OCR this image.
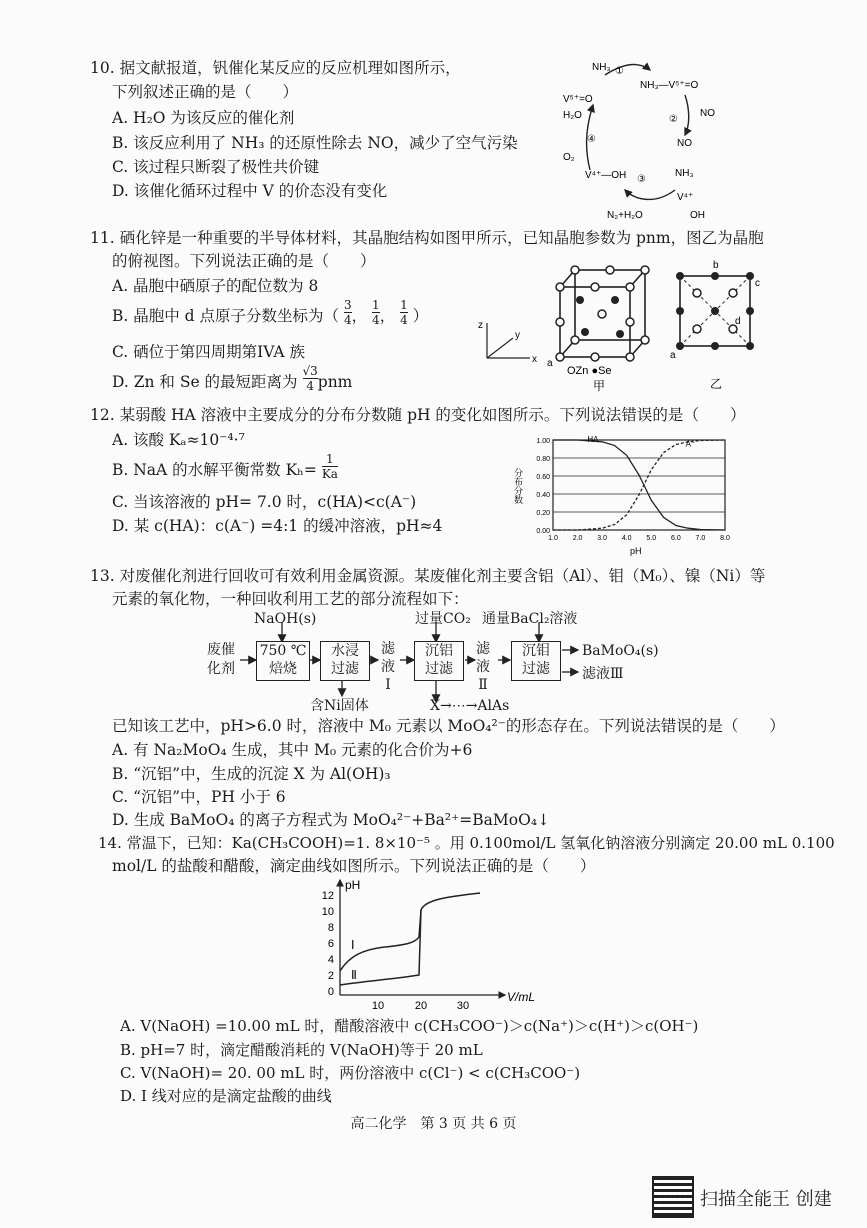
10. 据文献报道，钒催化某反应的反应机理如图所示，
下列叙述正确的是（　　）
A. H₂O 为该反应的催化剂
B. 该反应利用了 NH₃ 的还原性除去 NO，减少了空气污染
C. 该过程只断裂了极性共价键
D. 该催化循环过程中 V 的价态没有变化
NH₃ ①
V⁵⁺=O
NH₃—V⁵⁺=O
②
NO
NO
NH₃
V⁴⁺
OH
V⁴⁺—OH
H₂O
④
O₂
③
N₂+H₂O
11. 硒化锌是一种重要的半导体材料，其晶胞结构如图甲所示，已知晶胞参数为 pnm，图乙为晶胞
的俯视图。下列说法正确的是（　　）
A. 晶胞中硒原子的配位数为 8
B. 晶胞中 d 点原子分数坐标为（ $\frac{3}{4}$ ， $\frac{1}{4}$ ， $\frac{1}{4}$ ）
C. 硒位于第四周期第IVA 族
D. Zn 和 Se 的最短距离为 $\frac{√3}{4}$ pnm
z
y
x a
OZn ●Se
甲
b
c
d
a
乙
12. 某弱酸 HA 溶液中主要成分的分布分数随 pH 的变化如图所示。下列说法错误的是（　　）
A. 该酸 Kₐ≈10⁻⁴·⁷
B. NaA 的水解平衡常数 $K_h= \frac{1}{Ka}$
C. 当该溶液的 pH= 7.0 时，c(HA)<c(A⁻)
D. 某 c(HA)：c(A⁻) =4:1 的缓冲溶液，pH≈4
分布分数
pH
0.00
0.20
0.40
0.60
0.80
1.00
1.0 2.0 3.0 4.0 5.0 6.0 7.0 8.0
HA	A⁻
13. 对废催化剂进行回收可有效利用金属资源。某废催化剂主要含铝（Al）、钼（M₀）、镍（Ni）等
元素的氧化物，一种回收利用工艺的部分流程如下：
NaOH(s)	过量CO₂ 通量BaCl₂溶液
废催
化剂
750 ℃
焙烧
水浸
过滤
滤
液
Ⅰ
沉铝
过滤
滤
液
Ⅱ
沉钼
过滤
BaMoO₄(s)
滤液Ⅲ
含Ni固体	X→⋯→AlAs
已知该工艺中，pH>6.0 时，溶液中 M₀ 元素以 MoO₄²⁻的形态存在。下列说法错误的是（　　）
A. 有 Na₂MoO₄ 生成，其中 M₀ 元素的化合价为+6
B. “沉铝”中，生成的沉淀 X 为 Al(OH)₃
C. “沉铝”中，PH 小于 6
D. 生成 BaMoO₄ 的离子方程式为 MoO₄²⁻+Ba²⁺=BaMoO₄↓
14. 常温下，已知：Ka(CH₃COOH)=1. 8×10⁻⁵ 。用 0.100mol/L 氢氧化钠溶液分别滴定 20.00 mL 0.100
mol/L 的盐酸和醋酸，滴定曲线如图所示。下列说法正确的是（　　）
pH
V/mL
12
10
8
6
4
2
0
10	20	30
Ⅰ
Ⅱ
A. V(NaOH) =10.00 mL 时，醋酸溶液中 c(CH₃COO⁻)＞c(Na⁺)＞c(H⁺)＞c(OH⁻)
B. pH=7 时，滴定醋酸消耗的 V(NaOH)等于 20 mL
C. V(NaOH)= 20. 00 mL 时，两份溶液中 c(Cl⁻) < c(CH₃COO⁻)
D. I 线对应的是滴定盐酸的曲线
高二化学　第 3 页 共 6 页
扫描全能王 创建
